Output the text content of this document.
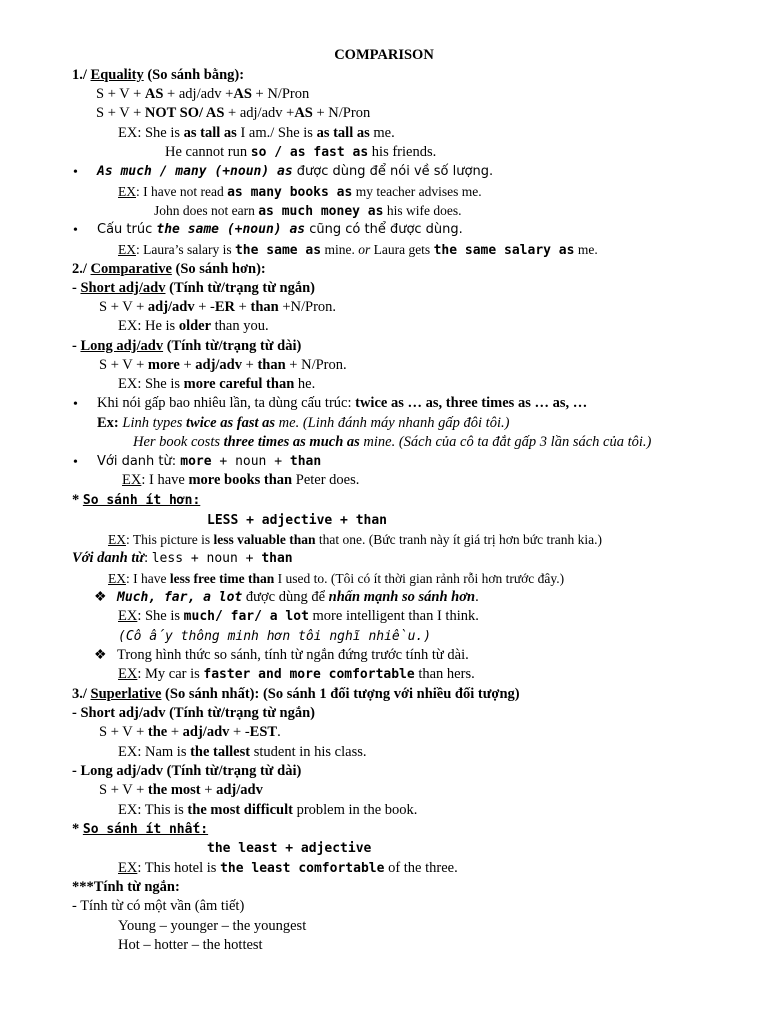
COMPARISON
1./ Equality (So sánh bằng):
S + V + AS + adj/adv +AS + N/Pron
S + V + NOT SO/ AS + adj/adv +AS + N/Pron
EX: She is as tall as I am./ She is as tall as me.
He cannot run so / as fast as his friends.
• As much / many (+noun) as được dùng để nói về số lượng.
EX: I have not read as many books as my teacher advises me.
John does not earn as much money as his wife does.
• Cấu trúc the same (+noun) as cũng có thể được dùng.
EX: Laura’s salary is the same as mine. or Laura gets the same salary as me.
2./ Comparative (So sánh hơn):
- Short adj/adv (Tính từ/trạng từ ngắn)
S + V + adj/adv + -ER + than +N/Pron.
EX: He is older than you.
- Long adj/adv (Tính từ/trạng từ dài)
S + V + more + adj/adv + than + N/Pron.
EX: She is more careful than he.
• Khi nói gấp bao nhiêu lần, ta dùng cấu trúc: twice as … as, three times as … as, …
Ex: Linh types twice as fast as me. (Linh đánh máy nhanh gấp đôi tôi.)
Her book costs three times as much as mine. (Sách của cô ta đắt gấp 3 lần sách của tôi.)
• Với danh từ: more + noun + than
EX: I have more books than Peter does.
* So sánh ít hơn:
LESS + adjective + than
EX: This picture is less valuable than that one. (Bức tranh này ít giá trị hơn bức tranh kia.)
Với danh từ: less + noun + than
EX: I have less free time than I used to. (Tôi có ít thời gian rảnh rỗi hơn trước đây.)
❖ Much, far, a lot được dùng để nhấn mạnh so sánh hơn.
EX: She is much/ far/ a lot more intelligent than I think.
(Cô ấy thông minh hơn tôi nghĩ nhiều.)
❖ Trong hình thức so sánh, tính từ ngắn đứng trước tính từ dài.
EX: My car is faster and more comfortable than hers.
3./ Superlative (So sánh nhất): (So sánh 1 đối tượng với nhiều đối tượng)
- Short adj/adv (Tính từ/trạng từ ngắn)
S + V + the + adj/adv + -EST.
EX: Nam is the tallest student in his class.
- Long adj/adv (Tính từ/trạng từ dài)
S + V + the most + adj/adv
EX: This is the most difficult problem in the book.
* So sánh ít nhất:
the least + adjective
EX: This hotel is the least comfortable of the three.
***Tính từ ngắn:
- Tính từ có một vần (âm tiết)
Young – younger – the youngest
Hot – hotter – the hottest
